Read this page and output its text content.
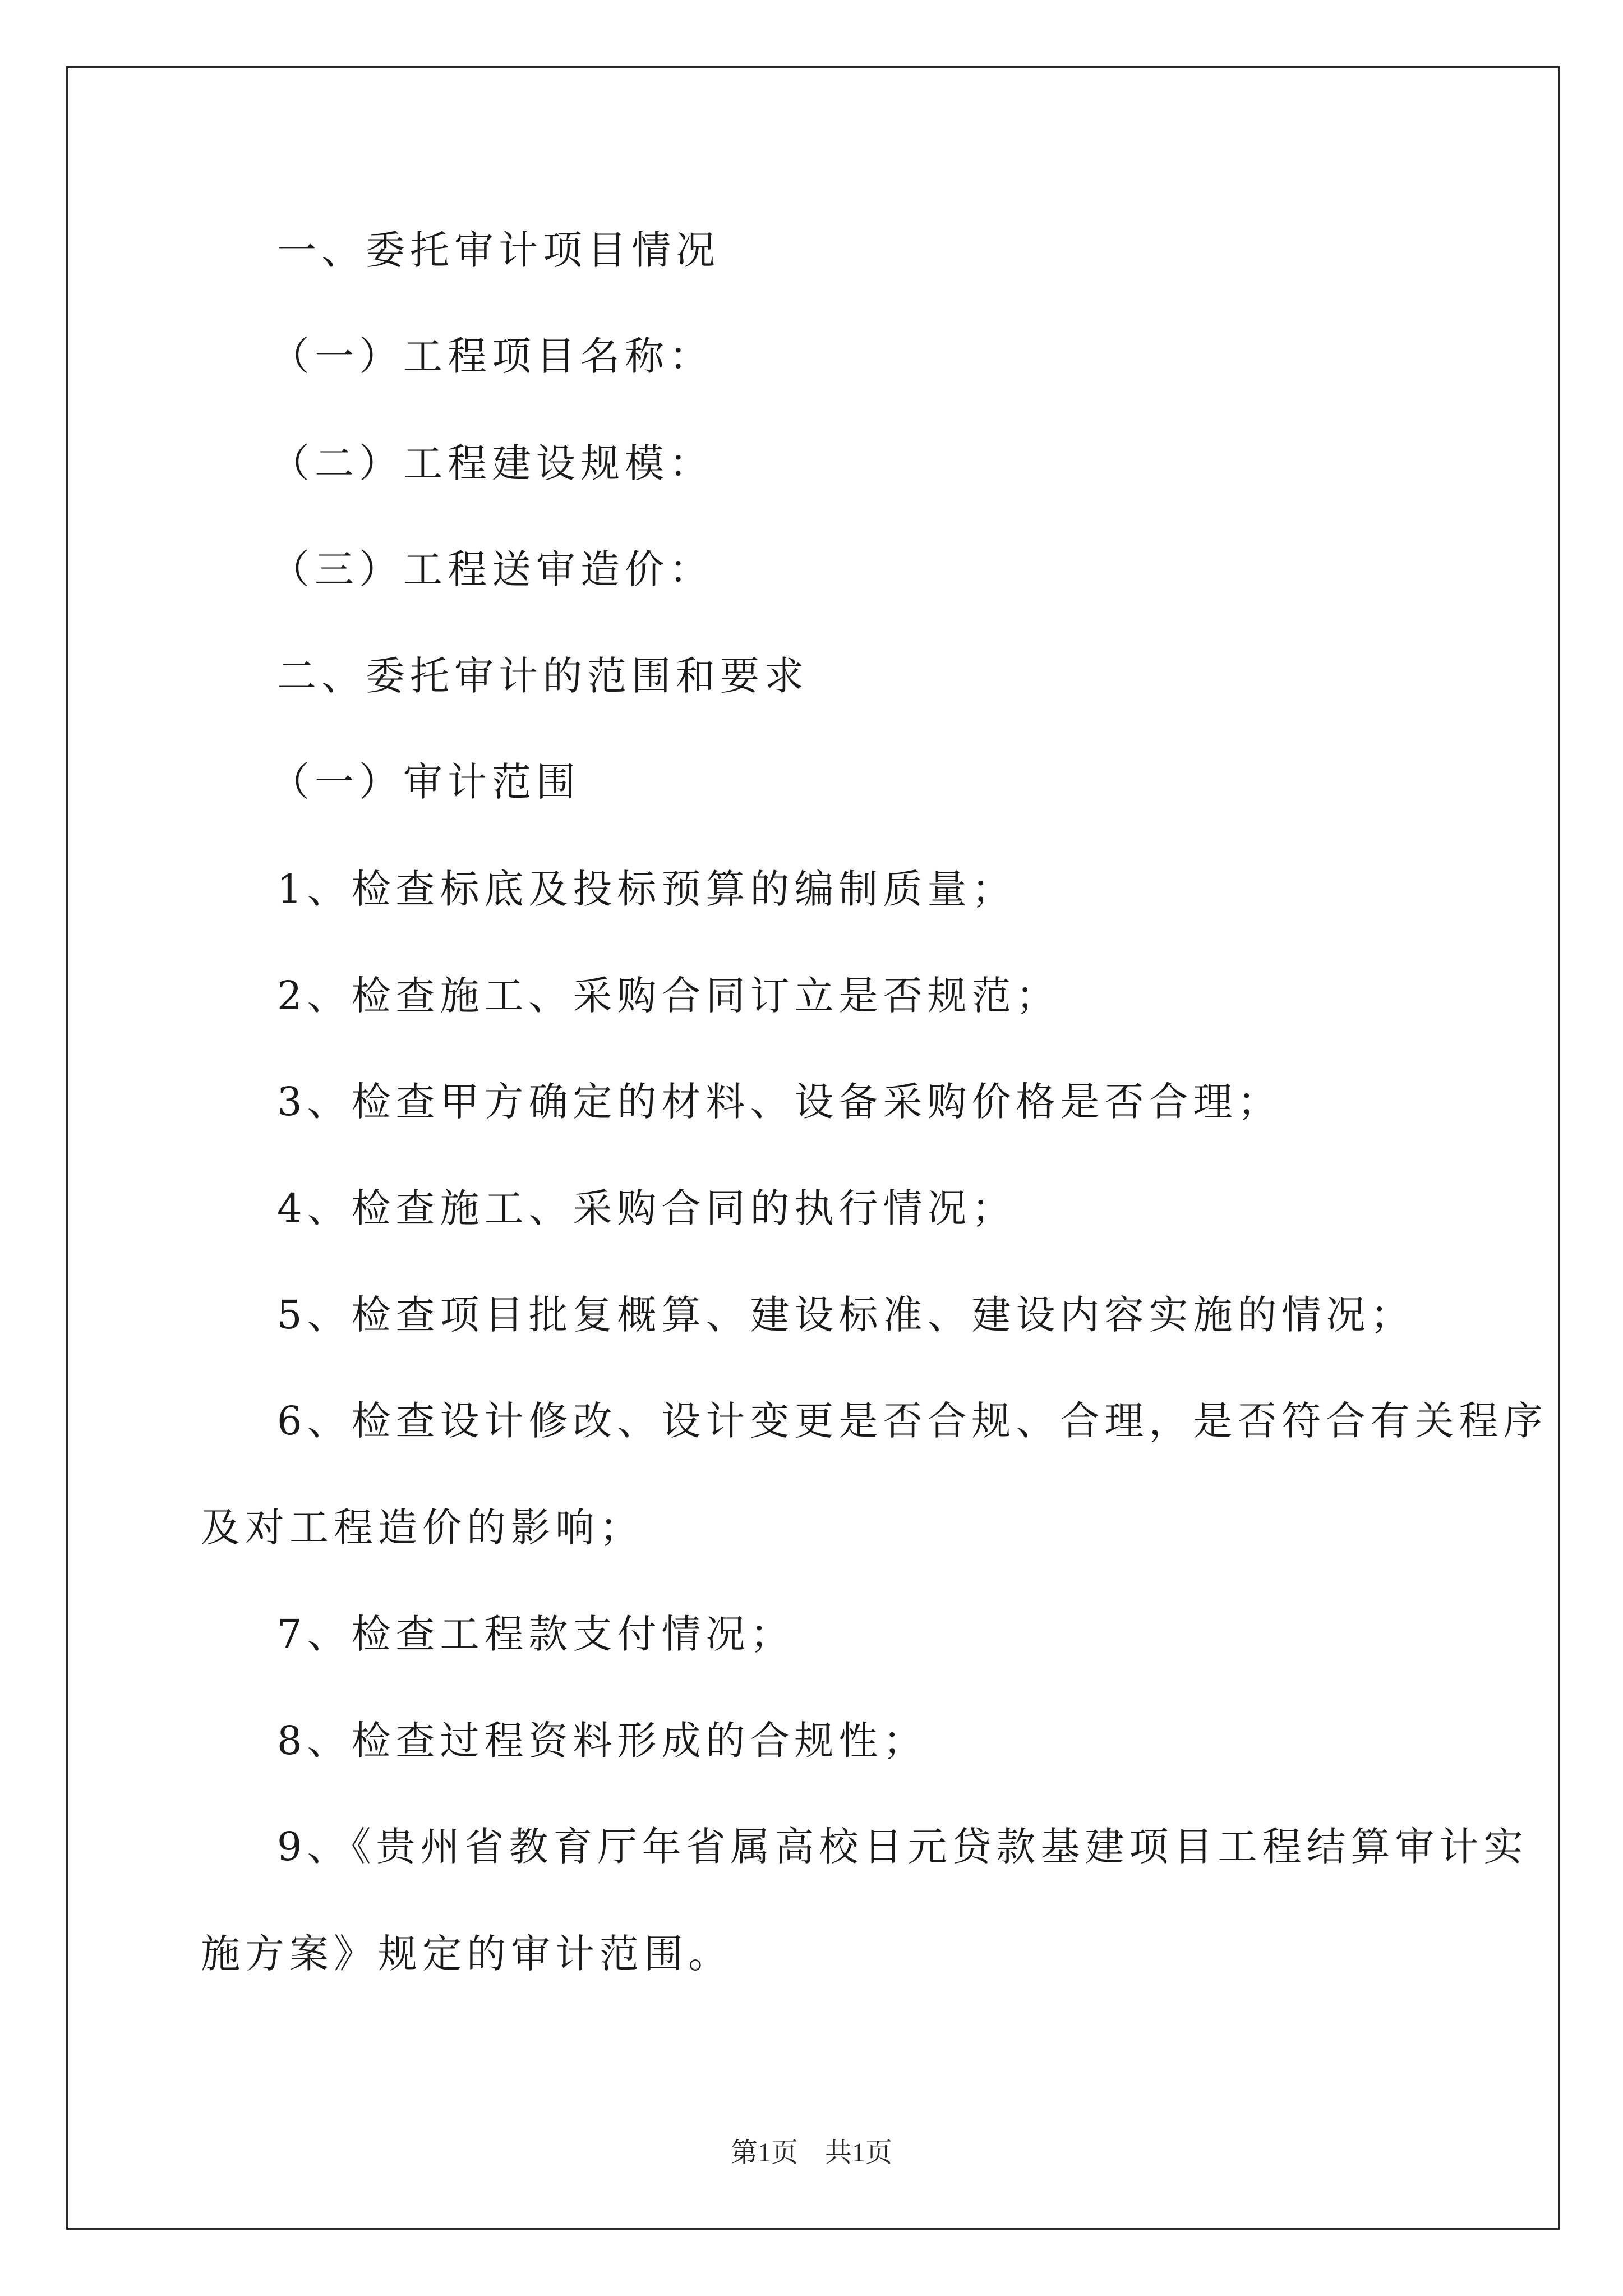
一、委托审计项目情况
（一）工程项目名称：
（二）工程建设规模：
（三）工程送审造价：
二、委托审计的范围和要求
（一）审计范围
1、检查标底及投标预算的编制质量；
2、检查施工、采购合同订立是否规范；
3、检查甲方确定的材料、设备采购价格是否合理；
4、检查施工、采购合同的执行情况；
5、检查项目批复概算、建设标准、建设内容实施的情况；
6、检查设计修改、设计变更是否合规、合理，是否符合有关程序
及对工程造价的影响；
7、检查工程款支付情况；
8、检查过程资料形成的合规性；
9、《贵州省教育厅年省属高校日元贷款基建项目工程结算审计实
施方案》规定的审计范围。
第1页 共1页
